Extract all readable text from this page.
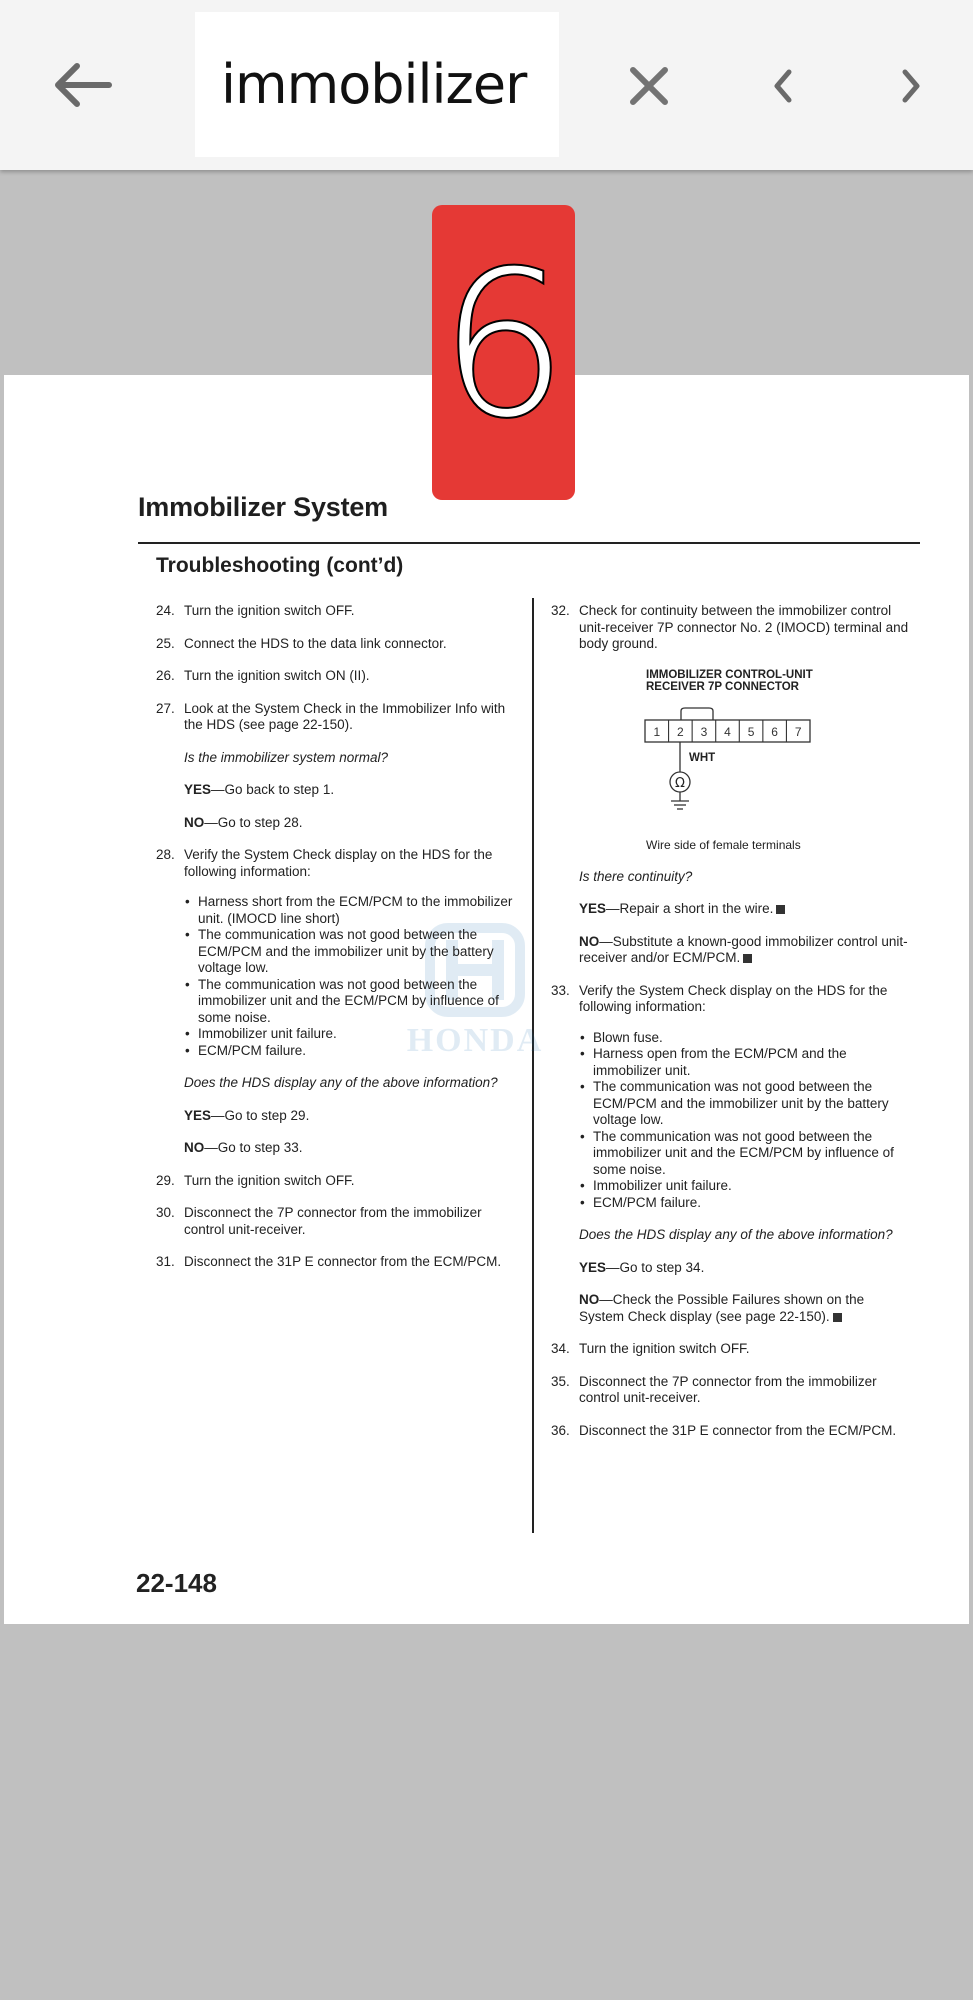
immobilizer
6
Immobilizer System
Troubleshooting (cont’d)
HONDA
24. Turn the ignition switch OFF.
25. Connect the HDS to the data link connector.
26. Turn the ignition switch ON (II).
27. Look at the System Check in the Immobilizer Info with the HDS (see page 22-150).
Is the immobilizer system normal?
YES—Go back to step 1.
NO—Go to step 28.
28. Verify the System Check display on the HDS for the following information:
• Harness short from the ECM/PCM to the immobilizer unit. (IMOCD line short)
• The communication was not good between the ECM/PCM and the immobilizer unit by the battery voltage low.
• The communication was not good between the immobilizer unit and the ECM/PCM by influence of some noise.
• Immobilizer unit failure.
• ECM/PCM failure.
Does the HDS display any of the above information?
YES—Go to step 29.
NO—Go to step 33.
29. Turn the ignition switch OFF.
30. Disconnect the 7P connector from the immobilizer control unit-receiver.
31. Disconnect the 31P E connector from the ECM/PCM.
32. Check for continuity between the immobilizer control unit-receiver 7P connector No. 2 (IMOCD) terminal and body ground.
IMMOBILIZER CONTROL-UNIT
RECEIVER 7P CONNECTOR
1 2 3 4 5 6 7
WHT
Ω
Wire side of female terminals
Is there continuity?
YES—Repair a short in the wire.
NO—Substitute a known-good immobilizer control unit-receiver and/or ECM/PCM.
33. Verify the System Check display on the HDS for the following information:
• Blown fuse.
• Harness open from the ECM/PCM and the immobilizer unit.
• The communication was not good between the ECM/PCM and the immobilizer unit by the battery voltage low.
• The communication was not good between the immobilizer unit and the ECM/PCM by influence of some noise.
• Immobilizer unit failure.
• ECM/PCM failure.
Does the HDS display any of the above information?
YES—Go to step 34.
NO—Check the Possible Failures shown on the System Check display (see page 22-150).
34. Turn the ignition switch OFF.
35. Disconnect the 7P connector from the immobilizer control unit-receiver.
36. Disconnect the 31P E connector from the ECM/PCM.
22-148
